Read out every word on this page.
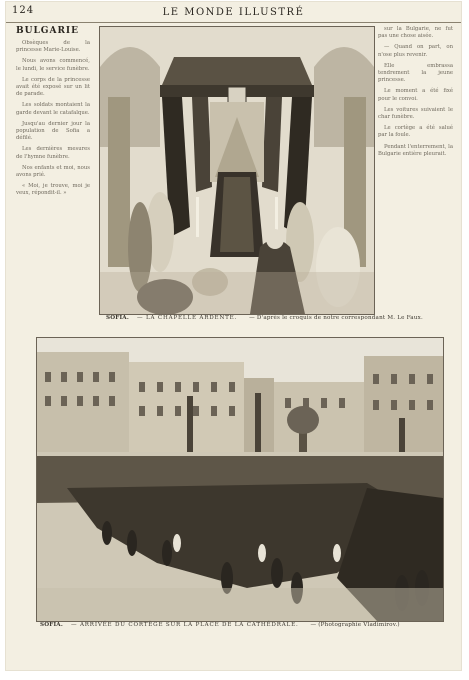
124	LE MONDE ILLUSTRÉ
BULGARIE

Obsèques de la princesse Marie-Louise.

Nous avons commencé, le lundi, le service funèbre.

Le corps de la princesse avait été exposé sur un lit de parade.

Les soldats montaient la garde devant le catafalque.

Jusqu'au dernier jour la population de Sofia a défilé.

Les dernières mesures de l'hymne funèbre.

Nos enfants et moi, nous avons prié.

« Moi, je trouve, moi je veux, répondit-il. »

sur la Bulgarie, ne fut pas une chose aisée.

— Quand on part, on n'ose plus revenir.

Elle embrassa tendrement la jeune princesse.

Le moment a été fixé pour le convoi.

Les voitures suivaient le char funèbre.

Le cortège a été salué par la foule.

Pendant l'enterrement, la Bulgarie entière pleurait.

SOFIA. — LA CHAPELLE ARDENTE. — D'après le croquis de notre correspondant M. Le Faux.
SOFIA. — ARRIVÉE DU CORTÈGE SUR LA PLACE DE LA CATHÉDRALE. — (Photographie Vladimirov.)
